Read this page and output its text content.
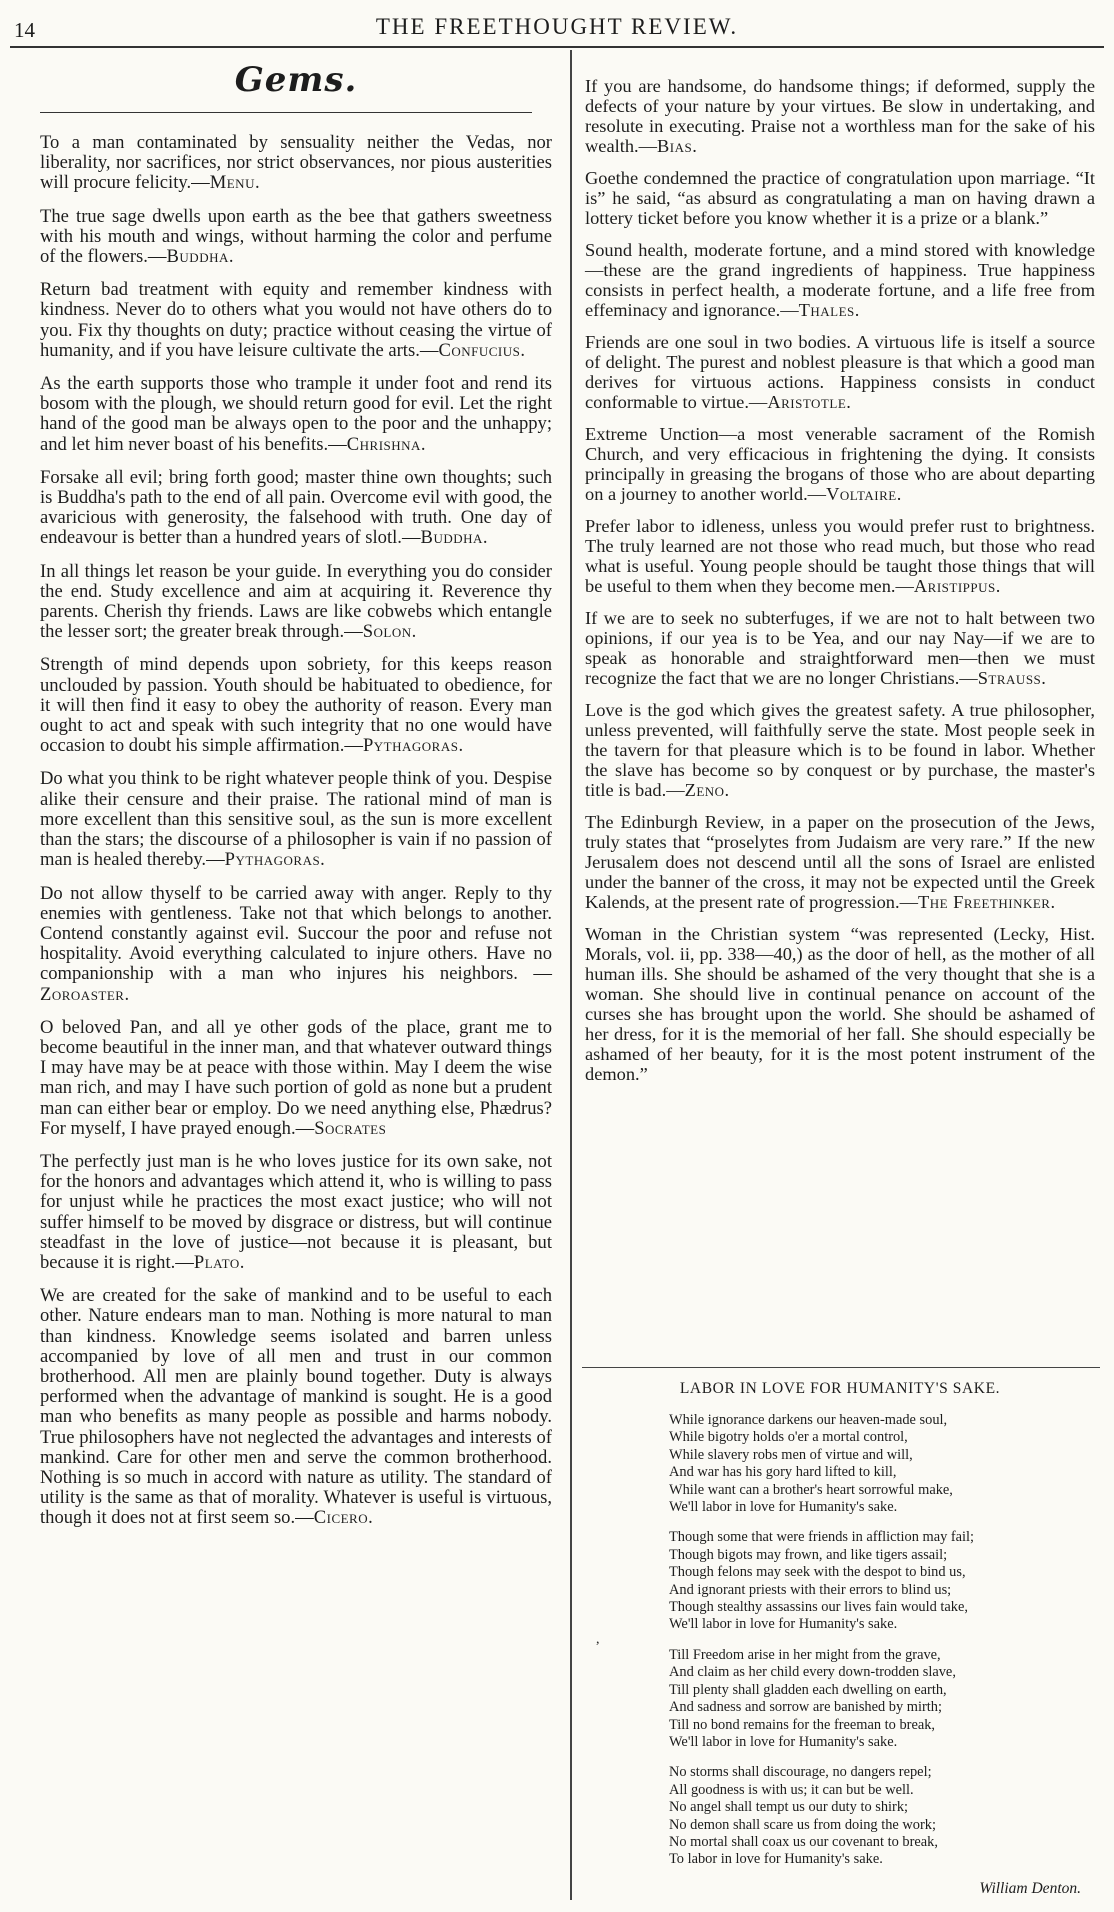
14	THE FREETHOUGHT REVIEW.
Gems.

To a man contaminated by sensuality neither the Vedas, nor liberality, nor sacrifices, nor strict observances, nor pious austerities will procure felicity.—Menu.

The true sage dwells upon earth as the bee that gathers sweetness with his mouth and wings, without harming the color and perfume of the flowers.—Buddha.

Return bad treatment with equity and remember kindness with kindness. Never do to others what you would not have others do to you. Fix thy thoughts on duty; practice without ceasing the virtue of humanity, and if you have leisure cultivate the arts.—Confucius.

As the earth supports those who trample it under foot and rend its bosom with the plough, we should return good for evil. Let the right hand of the good man be always open to the poor and the unhappy; and let him never boast of his benefits.—Chrishna.

Forsake all evil; bring forth good; master thine own thoughts; such is Buddha's path to the end of all pain. Overcome evil with good, the avaricious with generosity, the falsehood with truth. One day of endeavour is better than a hundred years of slotl.—Buddha.

In all things let reason be your guide. In everything you do consider the end. Study excellence and aim at acquiring it. Reverence thy parents. Cherish thy friends. Laws are like cobwebs which entangle the lesser sort; the greater break through.—Solon.

Strength of mind depends upon sobriety, for this keeps reason unclouded by passion. Youth should be habituated to obedience, for it will then find it easy to obey the authority of reason. Every man ought to act and speak with such integrity that no one would have occasion to doubt his simple affirmation.—Pythagoras.

Do what you think to be right whatever people think of you. Despise alike their censure and their praise. The rational mind of man is more excellent than this sensitive soul, as the sun is more excellent than the stars; the discourse of a philosopher is vain if no passion of man is healed thereby.—Pythagoras.

Do not allow thyself to be carried away with anger. Reply to thy enemies with gentleness. Take not that which belongs to another. Contend constantly against evil. Succour the poor and refuse not hospitality. Avoid everything calculated to injure others. Have no companionship with a man who injures his neighbors. —Zoroaster.

O beloved Pan, and all ye other gods of the place, grant me to become beautiful in the inner man, and that whatever outward things I may have may be at peace with those within. May I deem the wise man rich, and may I have such portion of gold as none but a prudent man can either bear or employ. Do we need anything else, Phædrus? For myself, I have prayed enough.—Socrates

The perfectly just man is he who loves justice for its own sake, not for the honors and advantages which attend it, who is willing to pass for unjust while he practices the most exact justice; who will not suffer himself to be moved by disgrace or distress, but will continue steadfast in the love of justice—not because it is pleasant, but because it is right.—Plato.

We are created for the sake of mankind and to be useful to each other. Nature endears man to man. Nothing is more natural to man than kindness. Knowledge seems isolated and barren unless accompanied by love of all men and trust in our common brotherhood. All men are plainly bound together. Duty is always performed when the advantage of mankind is sought. He is a good man who benefits as many people as possible and harms nobody. True philosophers have not neglected the advantages and interests of mankind. Care for other men and serve the common brotherhood. Nothing is so much in accord with nature as utility. The standard of utility is the same as that of morality. Whatever is useful is virtuous, though it does not at first seem so.—Cicero.

If you are handsome, do handsome things; if deformed, supply the defects of your nature by your virtues. Be slow in undertaking, and resolute in executing. Praise not a worthless man for the sake of his wealth.—Bias.

Goethe condemned the practice of congratulation upon marriage. “It is” he said, “as absurd as congratulating a man on having drawn a lottery ticket before you know whether it is a prize or a blank.”

Sound health, moderate fortune, and a mind stored with knowledge—these are the grand ingredients of happiness. True happiness consists in perfect health, a moderate fortune, and a life free from effeminacy and ignorance.—Thales.

Friends are one soul in two bodies. A virtuous life is itself a source of delight. The purest and noblest pleasure is that which a good man derives for virtuous actions. Happiness consists in conduct conformable to virtue.—Aristotle.

Extreme Unction—a most venerable sacrament of the Romish Church, and very efficacious in frightening the dying. It consists principally in greasing the brogans of those who are about departing on a journey to another world.—Voltaire.

Prefer labor to idleness, unless you would prefer rust to brightness. The truly learned are not those who read much, but those who read what is useful. Young people should be taught those things that will be useful to them when they become men.—Aristippus.

If we are to seek no subterfuges, if we are not to halt between two opinions, if our yea is to be Yea, and our nay Nay—if we are to speak as honorable and straightforward men—then we must recognize the fact that we are no longer Christians.—Strauss.

Love is the god which gives the greatest safety. A true philosopher, unless prevented, will faithfully serve the state. Most people seek in the tavern for that pleasure which is to be found in labor. Whether the slave has become so by conquest or by purchase, the master's title is bad.—Zeno.

The Edinburgh Review, in a paper on the prosecution of the Jews, truly states that “proselytes from Judaism are very rare.” If the new Jerusalem does not descend until all the sons of Israel are enlisted under the banner of the cross, it may not be expected until the Greek Kalends, at the present rate of progression.—The Freethinker.

Woman in the Christian system “was represented (Lecky, Hist. Morals, vol. ii, pp. 338—40,) as the door of hell, as the mother of all human ills. She should be ashamed of the very thought that she is a woman. She should live in continual penance on account of the curses she has brought upon the world. She should be ashamed of her dress, for it is the memorial of her fall. She should especially be ashamed of her beauty, for it is the most potent instrument of the demon.”

,
LABOR IN LOVE FOR HUMANITY'S SAKE.
While ignorance darkens our heaven-made soul,
While bigotry holds o'er a mortal control,
While slavery robs men of virtue and will,
And war has his gory hard lifted to kill,
While want can a brother's heart sorrowful make,
We'll labor in love for Humanity's sake.
Though some that were friends in affliction may fail;
Though bigots may frown, and like tigers assail;
Though felons may seek with the despot to bind us,
And ignorant priests with their errors to blind us;
Though stealthy assassins our lives fain would take,
We'll labor in love for Humanity's sake.
Till Freedom arise in her might from the grave,
And claim as her child every down-trodden slave,
Till plenty shall gladden each dwelling on earth,
And sadness and sorrow are banished by mirth;
Till no bond remains for the freeman to break,
We'll labor in love for Humanity's sake.
No storms shall discourage, no dangers repel;
All goodness is with us; it can but be well.
No angel shall tempt us our duty to shirk;
No demon shall scare us from doing the work;
No mortal shall coax us our covenant to break,
To labor in love for Humanity's sake.
William Denton.
